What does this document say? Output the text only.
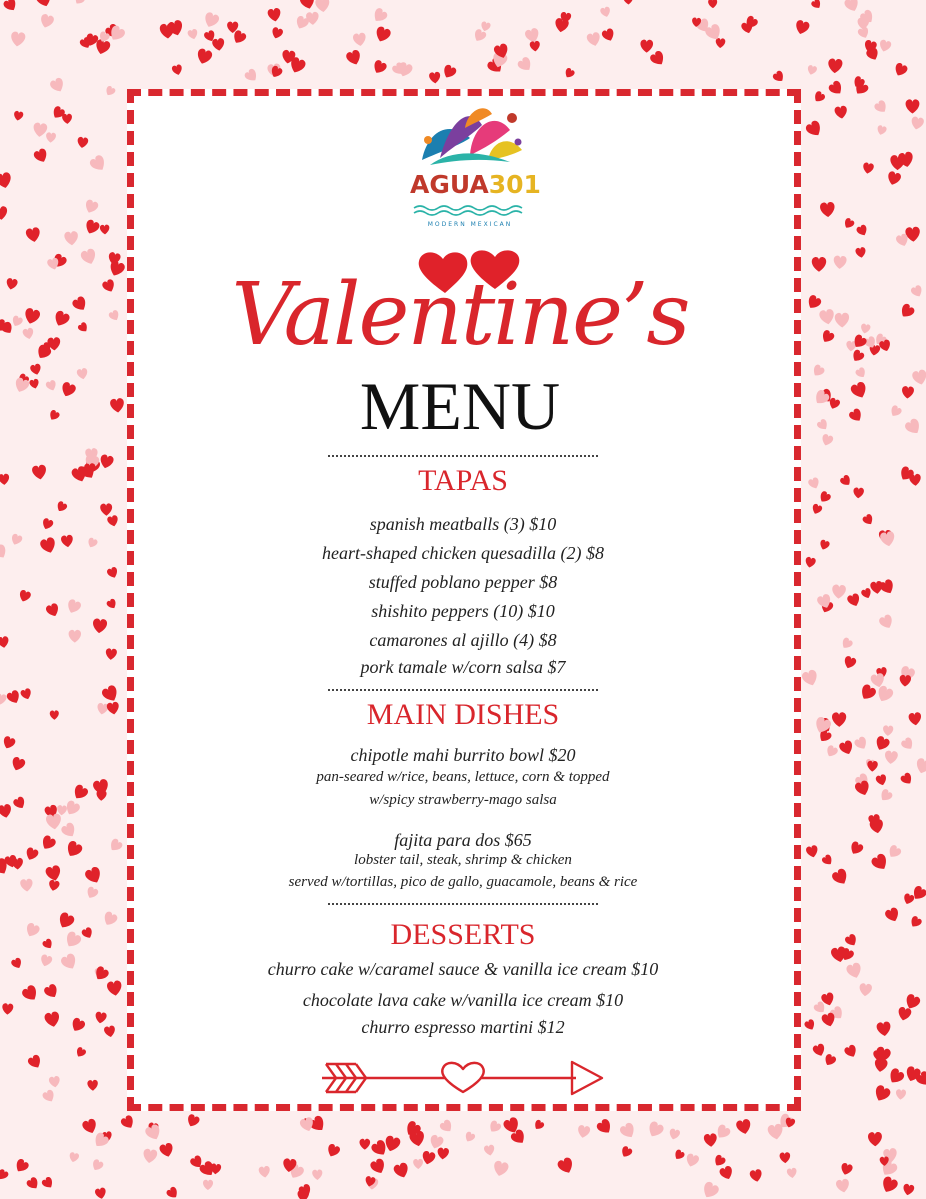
AGUA301
MODERN MEXICAN
Valentine’s
MENU
TAPAS
spanish meatballs (3) $10
heart-shaped chicken quesadilla (2) $8
stuffed poblano pepper $8
shishito peppers (10) $10
camarones al ajillo (4) $8
pork tamale w/corn salsa $7
MAIN DISHES
chipotle mahi burrito bowl $20
pan-seared w/rice, beans, lettuce, corn & topped
w/spicy strawberry-mago salsa
fajita para dos $65
lobster tail, steak, shrimp & chicken
served w/tortillas, pico de gallo, guacamole, beans & rice
DESSERTS
churro cake w/caramel sauce & vanilla ice cream $10
chocolate lava cake w/vanilla ice cream $10
churro espresso martini $12
